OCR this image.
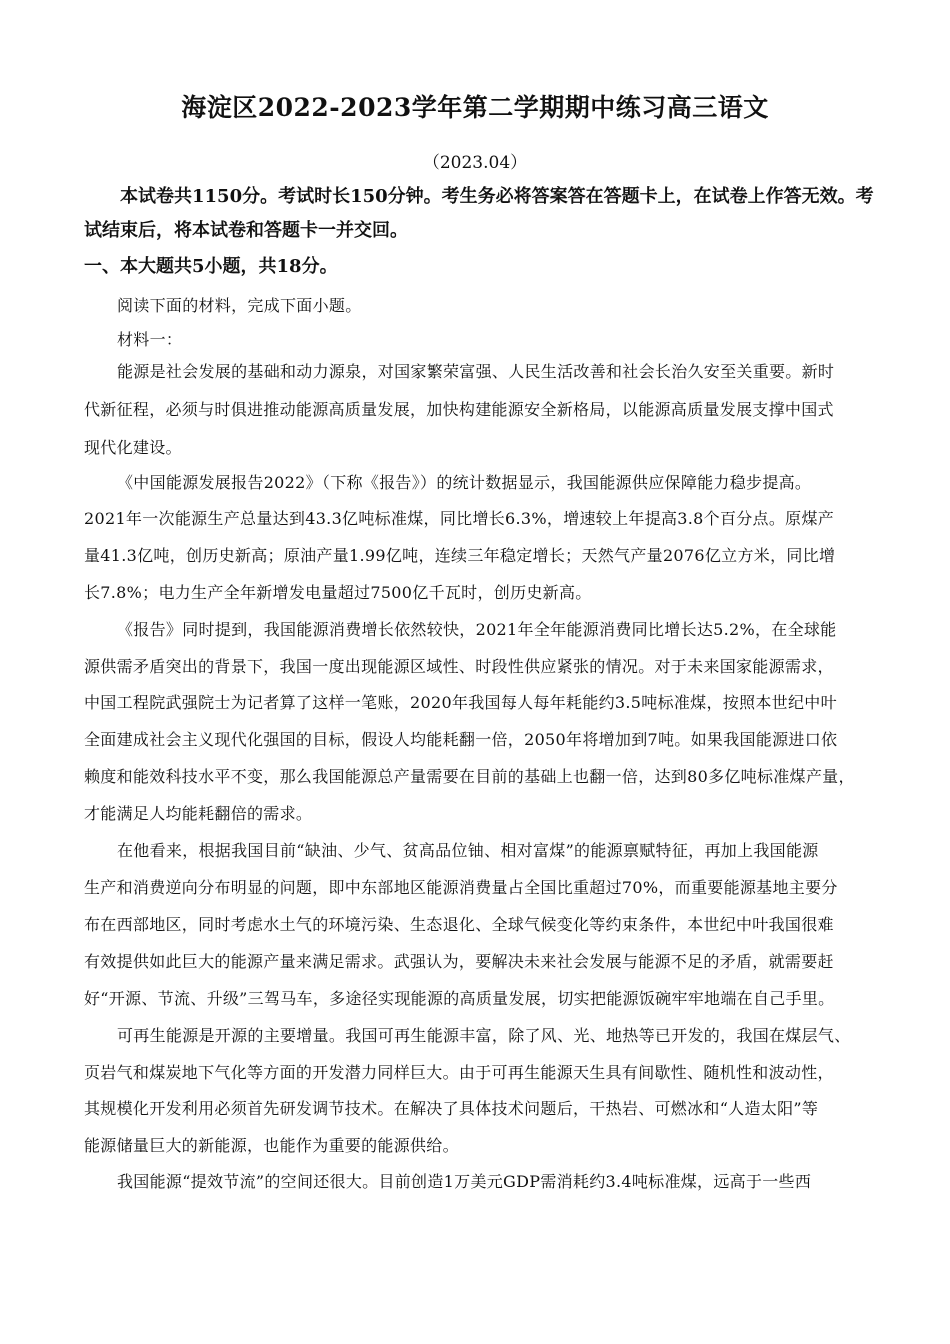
海淀区2022-2023学年第二学期期中练习高三语文
（2023.04）
本试卷共1150分。考试时长150分钟。考生务必将答案答在答题卡上，在试卷上作答无效。考试结束后，将本试卷和答题卡一并交回。
一、本大题共5小题，共18分。
阅读下面的材料，完成下面小题。
材料一：
能源是社会发展的基础和动力源泉，对国家繁荣富强、人民生活改善和社会长治久安至关重要。新时
代新征程，必须与时俱进推动能源高质量发展，加快构建能源安全新格局，以能源高质量发展支撑中国式
现代化建设。
《中国能源发展报告2022》（下称《报告》）的统计数据显示，我国能源供应保障能力稳步提高。
2021年一次能源生产总量达到43.3亿吨标准煤，同比增长6.3%，增速较上年提高3.8个百分点。原煤产
量41.3亿吨，创历史新高；原油产量1.99亿吨，连续三年稳定增长；天然气产量2076亿立方米，同比增
长7.8%；电力生产全年新增发电量超过7500亿千瓦时，创历史新高。
《报告》同时提到，我国能源消费增长依然较快，2021年全年能源消费同比增长达5.2%，在全球能
源供需矛盾突出的背景下，我国一度出现能源区域性、时段性供应紧张的情况。对于未来国家能源需求，
中国工程院武强院士为记者算了这样一笔账，2020年我国每人每年耗能约3.5吨标准煤，按照本世纪中叶
全面建成社会主义现代化强国的目标，假设人均能耗翻一倍，2050年将增加到7吨。如果我国能源进口依
赖度和能效科技水平不变，那么我国能源总产量需要在目前的基础上也翻一倍，达到80多亿吨标准煤产量，
才能满足人均能耗翻倍的需求。
在他看来，根据我国目前“缺油、少气、贫高品位铀、相对富煤”的能源禀赋特征，再加上我国能源
生产和消费逆向分布明显的问题，即中东部地区能源消费量占全国比重超过70%，而重要能源基地主要分
布在西部地区，同时考虑水土气的环境污染、生态退化、全球气候变化等约束条件，本世纪中叶我国很难
有效提供如此巨大的能源产量来满足需求。武强认为，要解决未来社会发展与能源不足的矛盾，就需要赶
好“开源、节流、升级”三驾马车，多途径实现能源的高质量发展，切实把能源饭碗牢牢地端在自己手里。
可再生能源是开源的主要增量。我国可再生能源丰富，除了风、光、地热等已开发的，我国在煤层气、
页岩气和煤炭地下气化等方面的开发潜力同样巨大。由于可再生能源天生具有间歇性、随机性和波动性，
其规模化开发利用必须首先研发调节技术。在解决了具体技术问题后，干热岩、可燃冰和“人造太阳”等
能源储量巨大的新能源，也能作为重要的能源供给。
我国能源“提效节流”的空间还很大。目前创造1万美元GDP需消耗约3.4吨标准煤，远高于一些西
